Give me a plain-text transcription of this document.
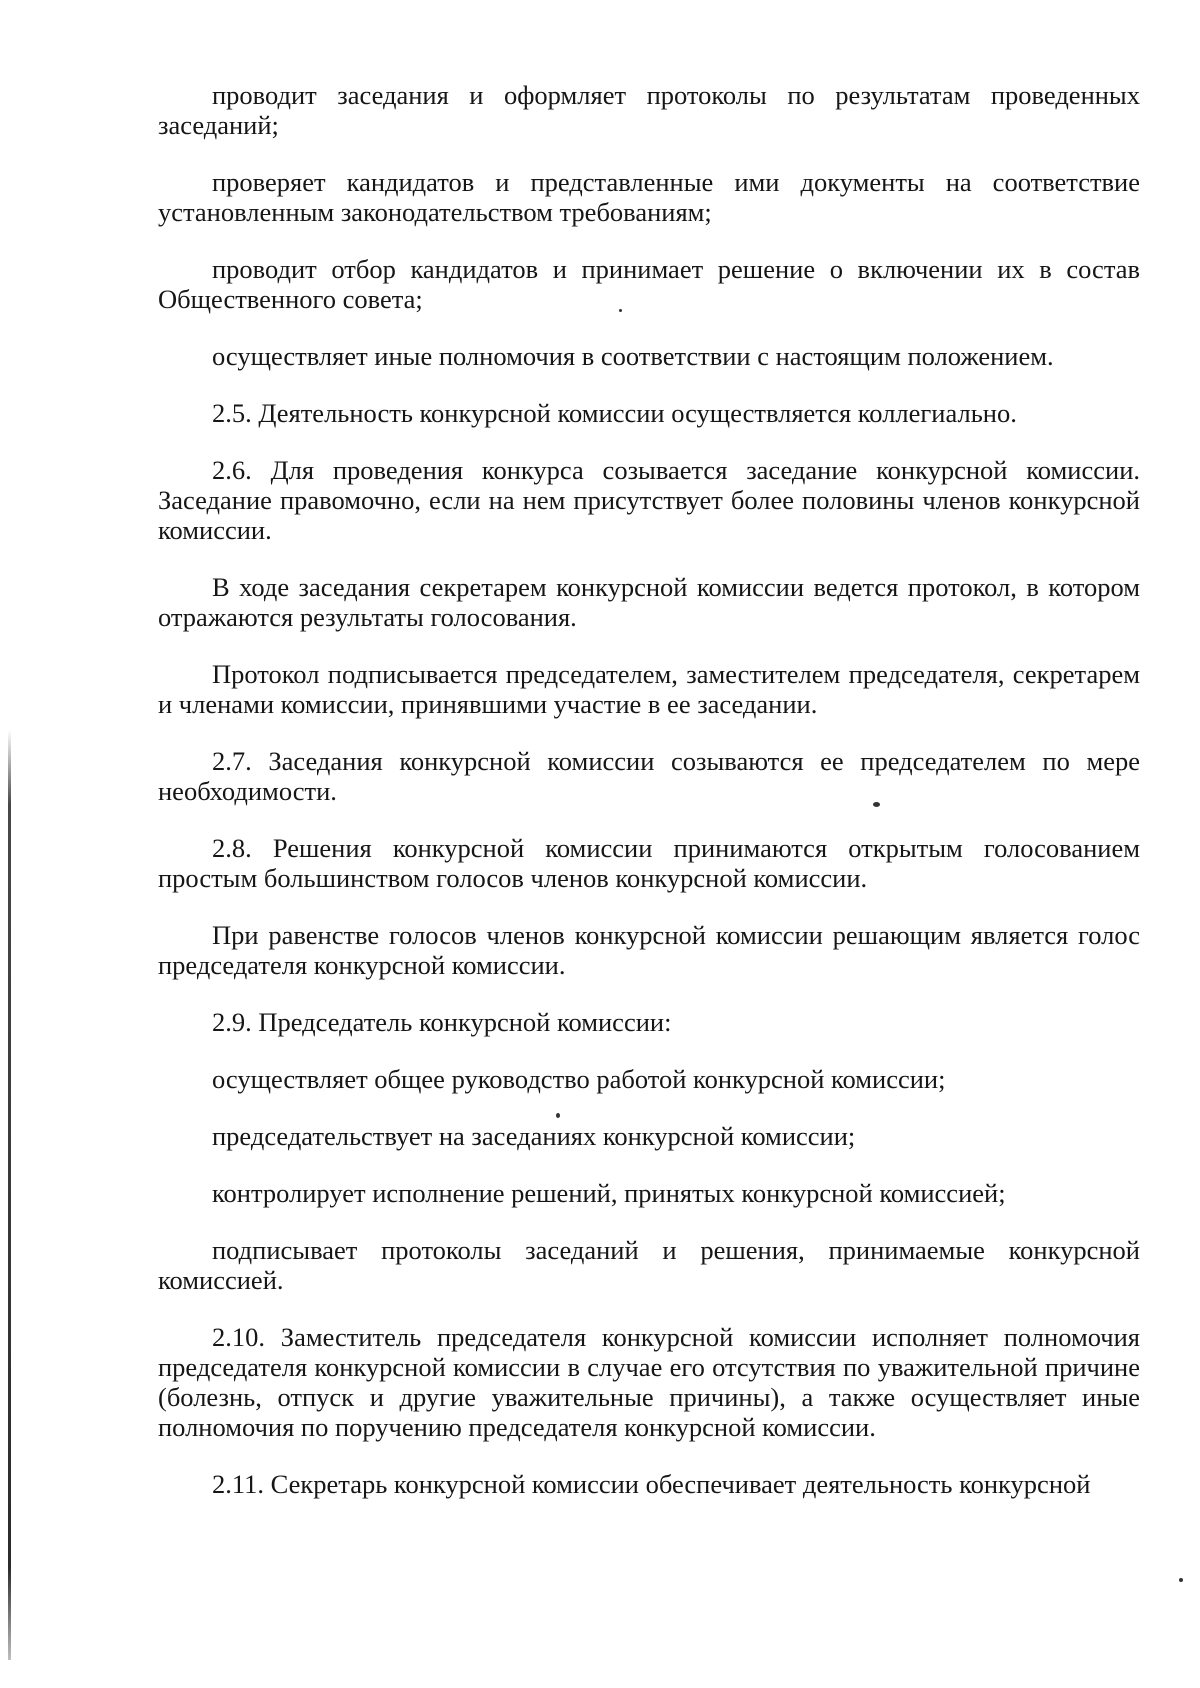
проводит заседания и оформляет протоколы по результатам проведенных заседаний;

проверяет кандидатов и представленные ими документы на соответствие установленным законодательством требованиям;

проводит отбор кандидатов и принимает решение о включении их в состав Общественного совета;

осуществляет иные полномочия в соответствии с настоящим положением.

2.5. Деятельность конкурсной комиссии осуществляется коллегиально.

2.6. Для проведения конкурса созывается заседание конкурсной комиссии. Заседание правомочно, если на нем присутствует более половины членов конкурсной комиссии.

В ходе заседания секретарем конкурсной комиссии ведется протокол, в котором отражаются результаты голосования.

Протокол подписывается председателем, заместителем председателя, секретарем и членами комиссии, принявшими участие в ее заседании.

2.7. Заседания конкурсной комиссии созываются ее председателем по мере необходимости.

2.8. Решения конкурсной комиссии принимаются открытым голосованием простым большинством голосов членов конкурсной комиссии.

При равенстве голосов членов конкурсной комиссии решающим является голос председателя конкурсной комиссии.

2.9. Председатель конкурсной комиссии:

осуществляет общее руководство работой конкурсной комиссии;

председательствует на заседаниях конкурсной комиссии;

контролирует исполнение решений, принятых конкурсной комиссией;

подписывает протоколы заседаний и решения, принимаемые конкурсной комиссией.

2.10. Заместитель председателя конкурсной комиссии исполняет полномочия председателя конкурсной комиссии в случае его отсутствия по уважительной причине (болезнь, отпуск и другие уважительные причины), а также осуществляет иные полномочия по поручению председателя конкурсной комиссии.

2.11. Секретарь конкурсной комиссии обеспечивает деятельность конкурсной
